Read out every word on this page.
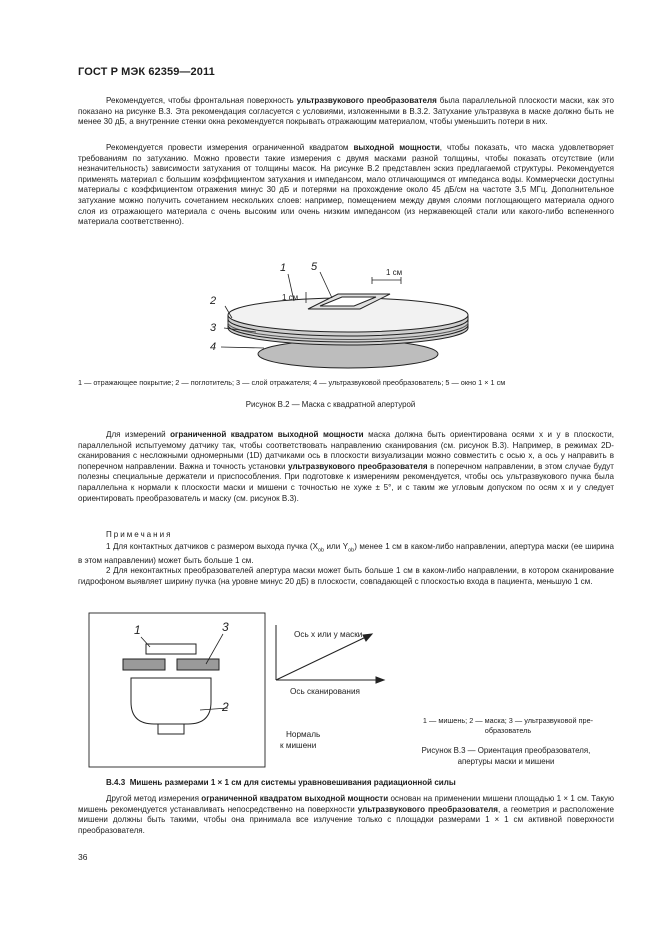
ГОСТ Р МЭК 62359—2011
Рекомендуется, чтобы фронтальная поверхность ультразвукового преобразователя была параллельной плоскости маски, как это показано на рисунке В.3. Эта рекомендация согласуется с условиями, изложенными в В.3.2. Затухание ультразвука в маске должно быть не менее 30 дБ, а внутренние стенки окна рекомендуется покрывать отражающим материалом, чтобы уменьшить потери в них.
Рекомендуется провести измерения ограниченной квадратом выходной мощности, чтобы показать, что маска удовлетворяет требованиям по затуханию. Можно провести такие измерения с двумя масками разной толщины, чтобы показать отсутствие (или незначительность) зависимости затухания от толщины масок. На рисунке В.2 представлен эскиз предлагаемой структуры. Рекомендуется применять материал с большим коэффициентом затухания и импедансом, мало отличающимся от импеданса воды. Коммерчески доступны материалы с коэффициентом отражения минус 30 дБ и потерями на прохождение около 45 дБ/см на частоте 3,5 МГц. Дополнительное затухание можно получить сочетанием нескольких слоев: например, помещением между двумя слоями поглощающего материала одного слоя из отражающего материала с очень высоким или очень низким импедансом (из нержавеющей стали или какого-либо вспененного материала соответственно).
1 5
2
3
4
1 см
1 см
1 — отражающее покрытие; 2 — поглотитель; 3 — слой отражателя; 4 — ультразвуковой преобразователь; 5 — окно 1 × 1 см
Рисунок В.2 — Маска с квадратной апертурой
Для измерений ограниченной квадратом выходной мощности маска должна быть ориентирована осями x и y в плоскости, параллельной испытуемому датчику так, чтобы соответствовать направлению сканирования (см. рисунок В.3). Например, в режимах 2D-сканирования с несложными одномерными (1D) датчиками ось в плоскости визуализации можно совместить с осью x, а ось y направить в поперечном направлении. Важна и точность установки ультразвукового преобразователя в поперечном направлении, в этом случае будут полезны специальные держатели и приспособления. При подготовке к измерениям рекомендуется, чтобы ось ультразвукового пучка была параллельна к нормали к плоскости маски и мишени с точностью не хуже ± 5°, и с таким же угловым допуском по осям x и y следует ориентировать преобразователь и маску (см. рисунок В.3).
Примечания
1 Для контактных датчиков с размером выхода пучка ($X_{ob}$ или $Y_{ob}$) менее 1 см в каком-либо направлении, апертура маски (ее ширина в этом направлении) может быть больше 1 см.
2 Для неконтактных преобразователей апертура маски может быть больше 1 см в каком-либо направлении, в котором сканирование гидрофоном выявляет ширину пучка (на уровне минус 20 дБ) в плоскости, совпадающей с плоскостью входа в пациента, меньшую 1 см.
1	3
2
Ось x или y маски
Ось сканирования
Нормаль
к мишени
1 — мишень; 2 — маска; 3 — ультразвуковой пре-
образователь
Рисунок В.3 — Ориентация преобразователя,
апертуры маски и мишени
В.4.3 Мишень размерами 1 × 1 см для системы уравновешивания радиационной силы
Другой метод измерения ограниченной квадратом выходной мощности основан на применении мишени площадью 1 × 1 см. Такую мишень рекомендуется устанавливать непосредственно на поверхности ультразвукового преобразователя, а геометрия и расположение мишени должны быть такими, чтобы она принимала все излучение только с площадки размерами 1 × 1 см активной поверхности преобразователя.
36
